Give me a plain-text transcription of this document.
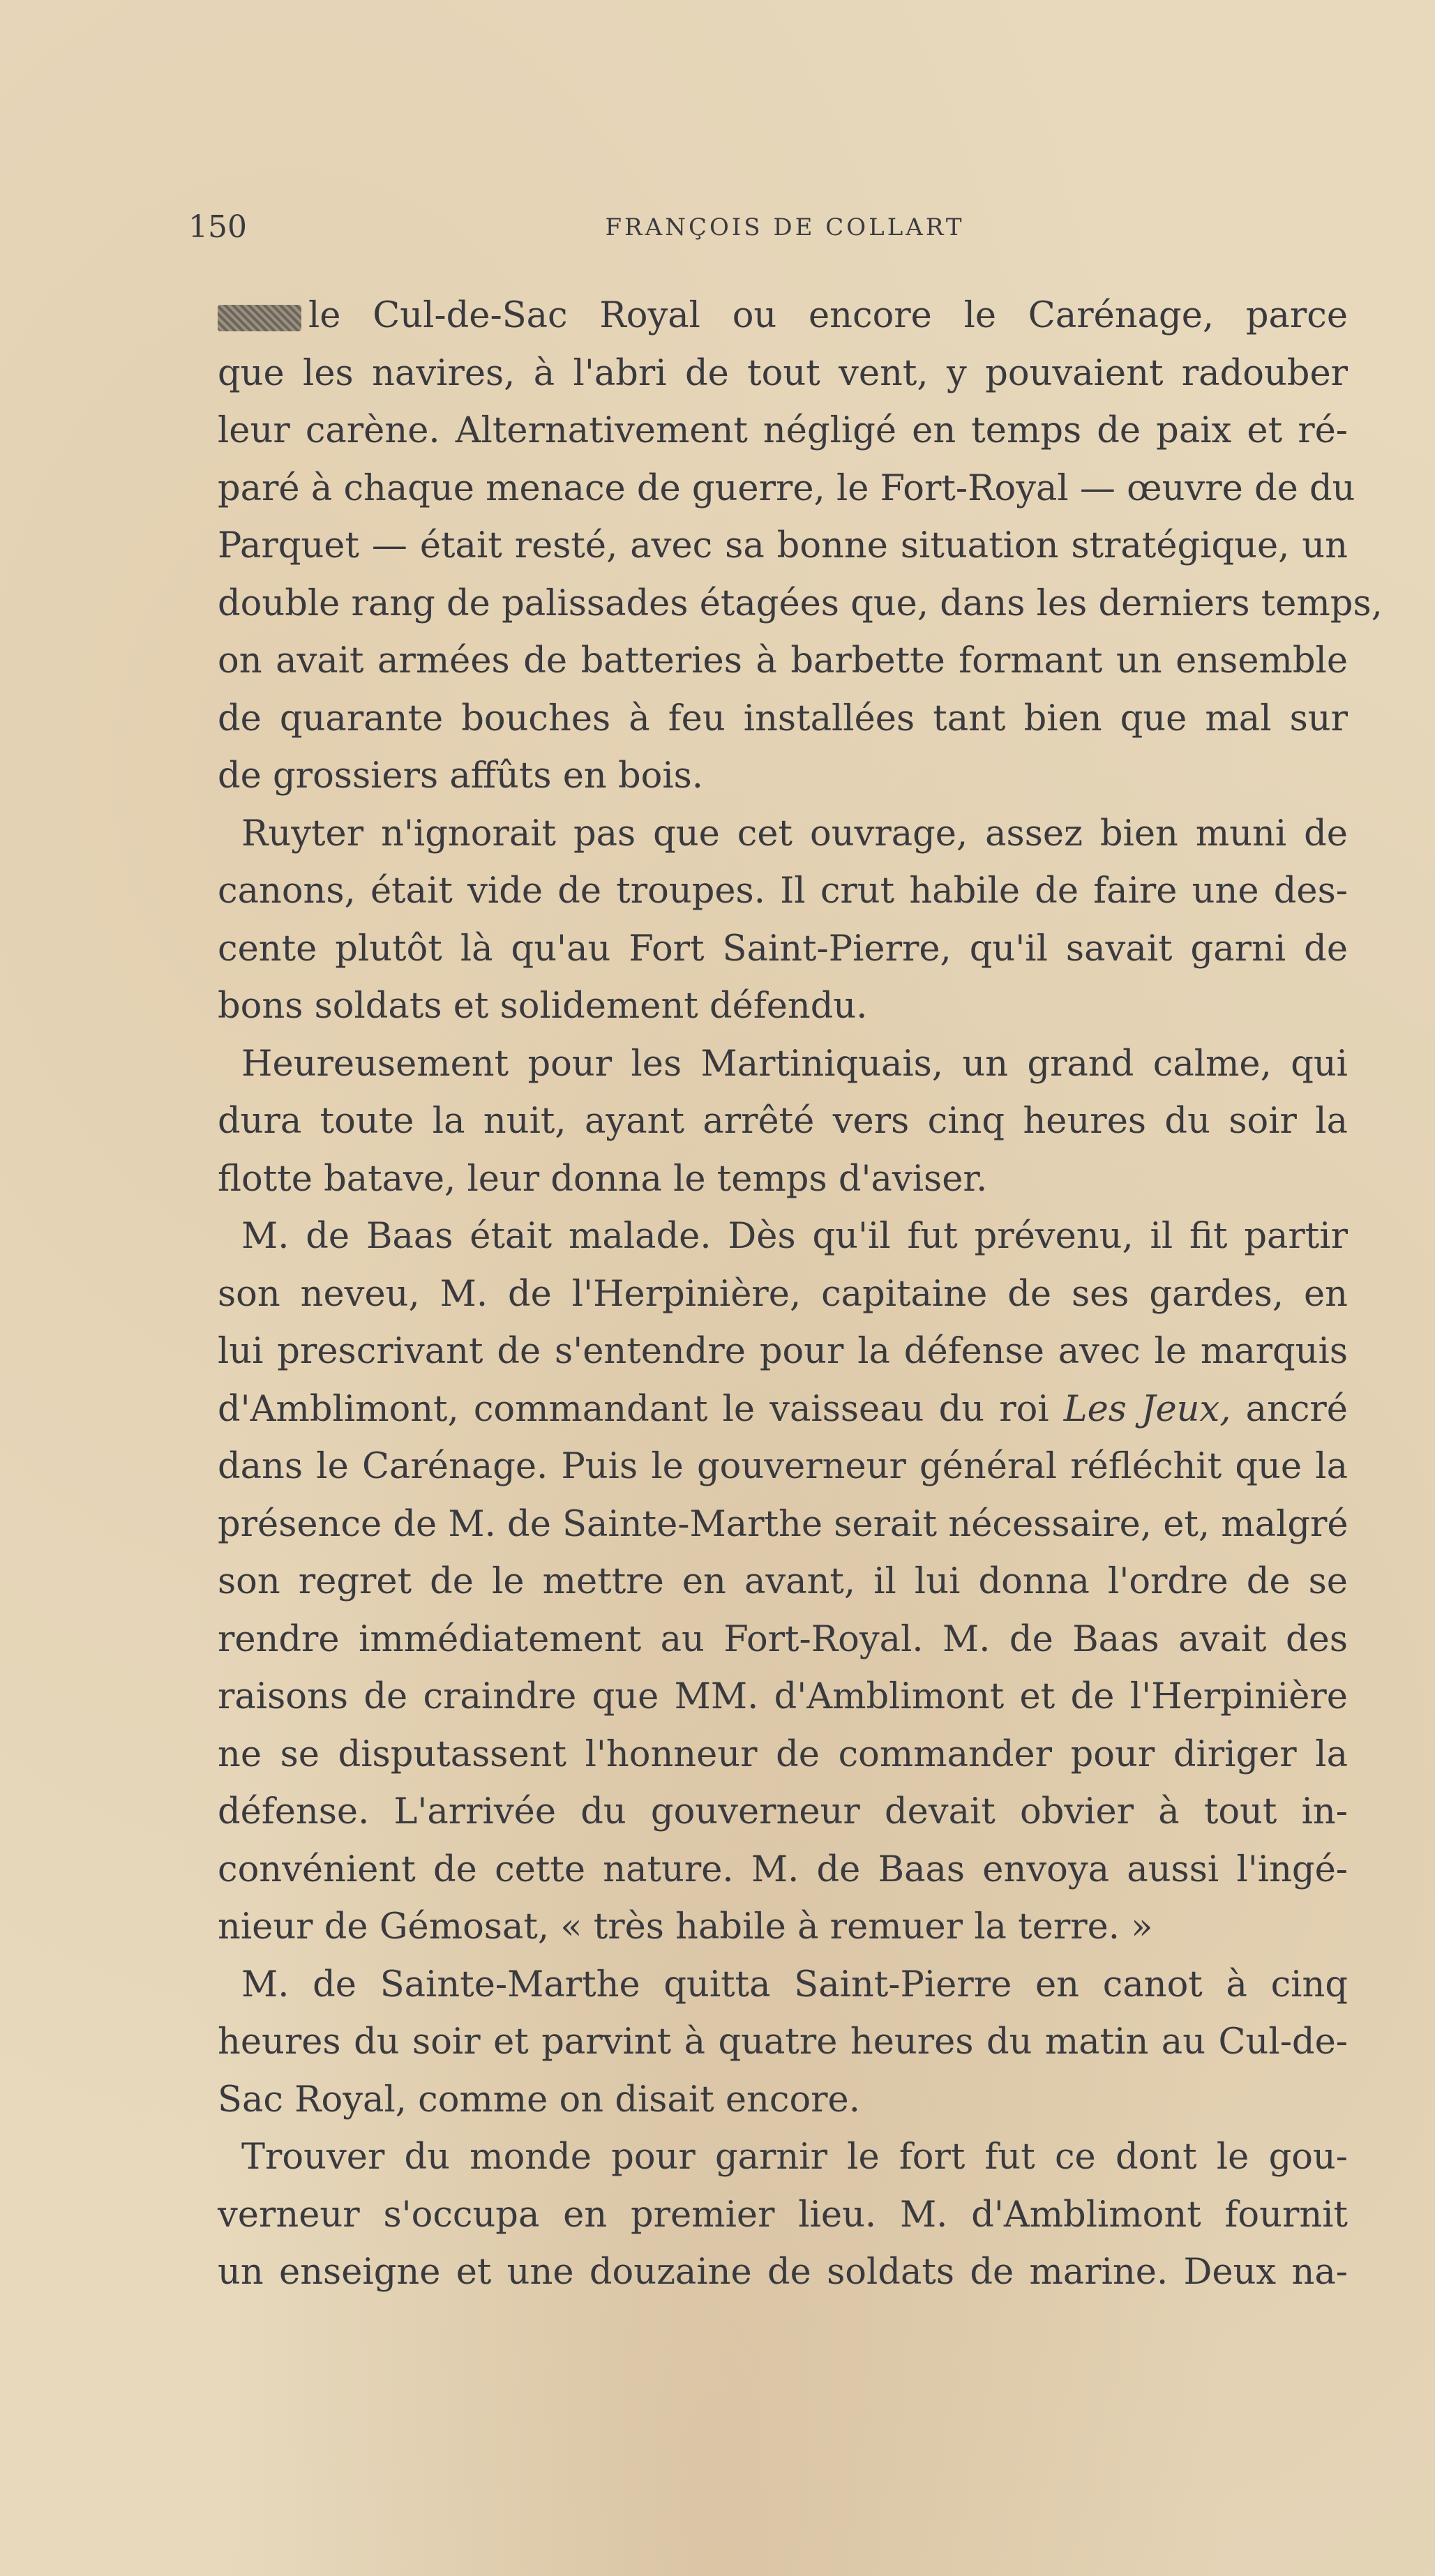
150	FRANÇOIS DE COLLART
le Cul-de-Sac Royal ou encore le Carénage, parce
que les navires, à l'abri de tout vent, y pouvaient radouber
leur carène. Alternativement négligé en temps de paix et ré-
paré à chaque menace de guerre, le Fort-Royal — œuvre de du
Parquet — était resté, avec sa bonne situation stratégique, un
double rang de palissades étagées que, dans les derniers temps,
on avait armées de batteries à barbette formant un ensemble
de quarante bouches à feu installées tant bien que mal sur
de grossiers affûts en bois.
Ruyter n'ignorait pas que cet ouvrage, assez bien muni de
canons, était vide de troupes. Il crut habile de faire une des-
cente plutôt là qu'au Fort Saint-Pierre, qu'il savait garni de
bons soldats et solidement défendu.
Heureusement pour les Martiniquais, un grand calme, qui
dura toute la nuit, ayant arrêté vers cinq heures du soir la
flotte batave, leur donna le temps d'aviser.
M. de Baas était malade. Dès qu'il fut prévenu, il fit partir
son neveu, M. de l'Herpinière, capitaine de ses gardes, en
lui prescrivant de s'entendre pour la défense avec le marquis
d'Amblimont, commandant le vaisseau du roi Les Jeux, ancré
dans le Carénage. Puis le gouverneur général réfléchit que la
présence de M. de Sainte-Marthe serait nécessaire, et, malgré
son regret de le mettre en avant, il lui donna l'ordre de se
rendre immédiatement au Fort-Royal. M. de Baas avait des
raisons de craindre que MM. d'Amblimont et de l'Herpinière
ne se disputassent l'honneur de commander pour diriger la
défense. L'arrivée du gouverneur devait obvier à tout in-
convénient de cette nature. M. de Baas envoya aussi l'ingé-
nieur de Gémosat, « très habile à remuer la terre. »
M. de Sainte-Marthe quitta Saint-Pierre en canot à cinq
heures du soir et parvint à quatre heures du matin au Cul-de-
Sac Royal, comme on disait encore.
Trouver du monde pour garnir le fort fut ce dont le gou-
verneur s'occupa en premier lieu. M. d'Amblimont fournit
un enseigne et une douzaine de soldats de marine. Deux na-
